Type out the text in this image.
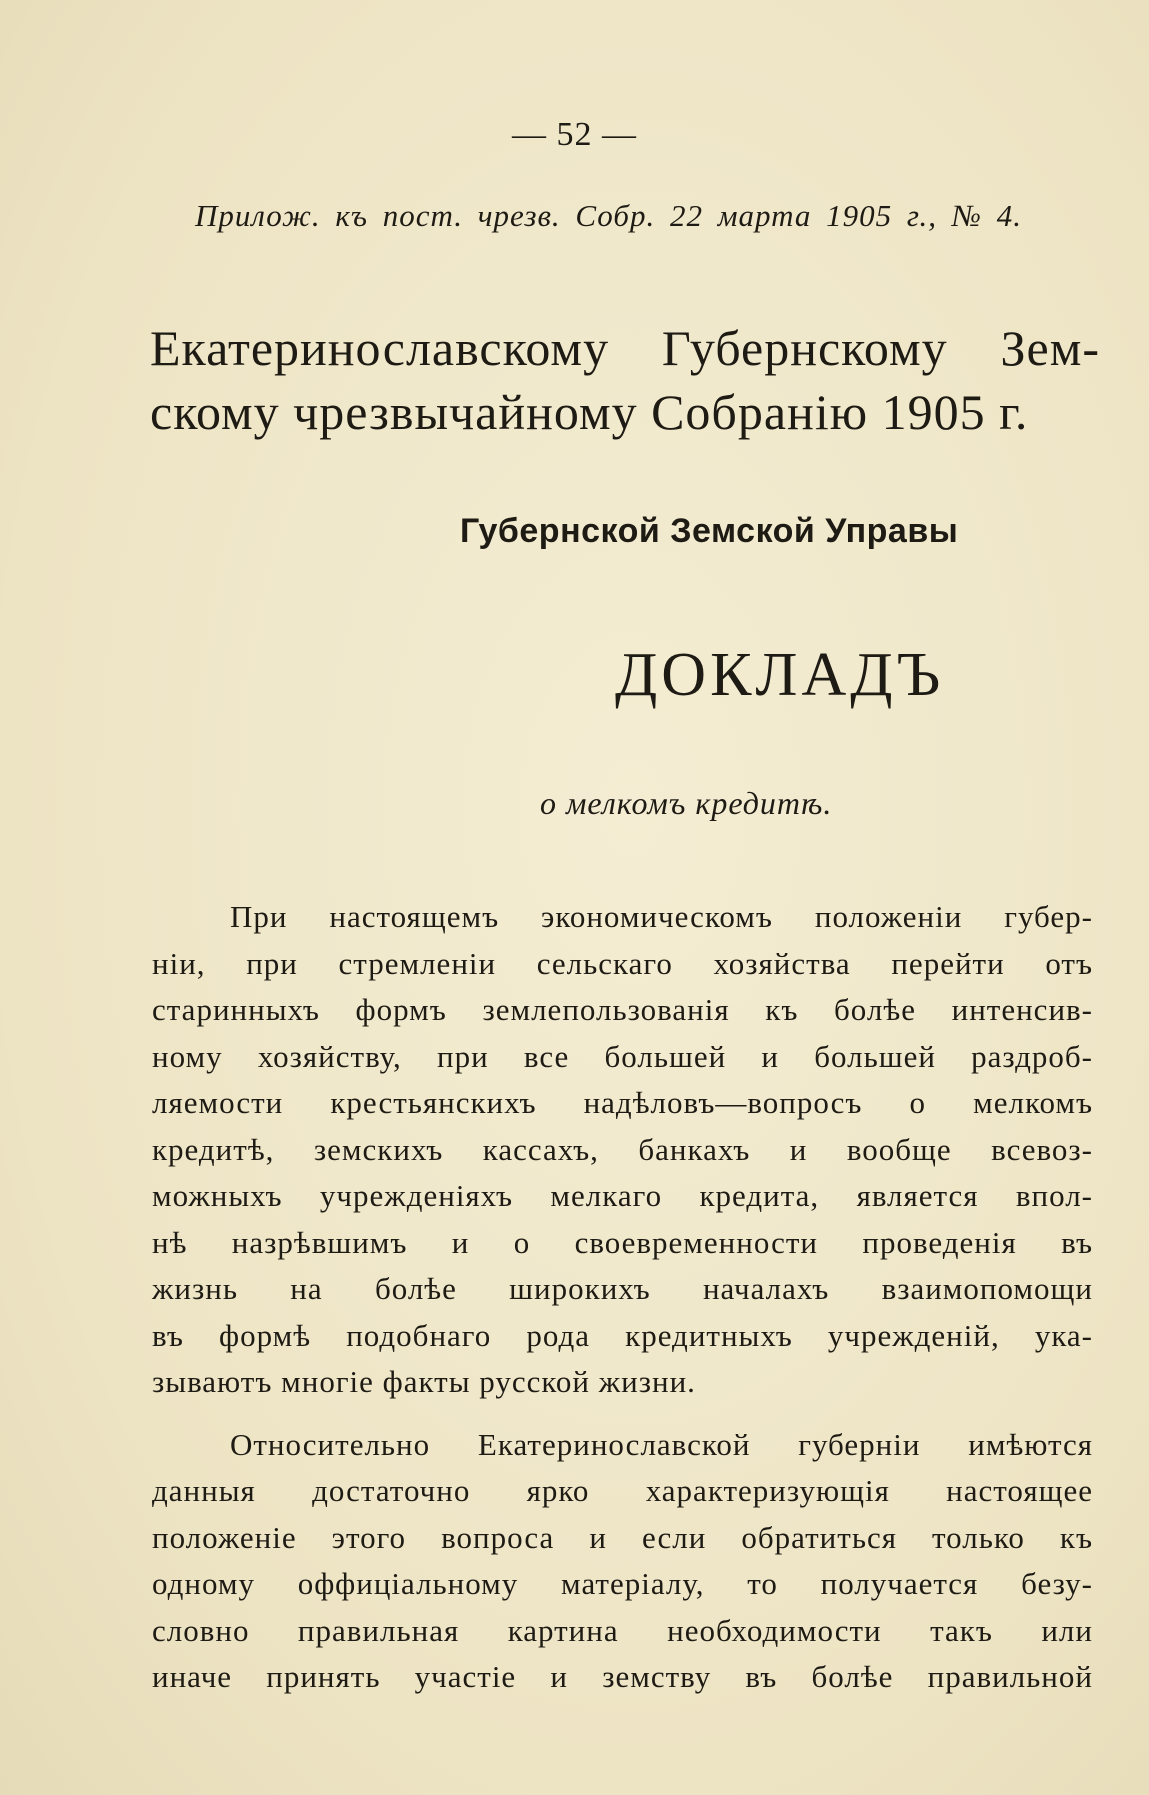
— 52 —
Прилож. къ пост. чрезв. Собр. 22 марта 1905 г., № 4.
Екатеринославскому Губернскому Зем-
скому чрезвычайному Собранію 1905 г.
Губернской Земской Управы
ДОКЛАДЪ
о мелкомъ кредитѣ.
При настоящемъ экономическомъ положеніи губер-
ніи, при стремленіи сельскаго хозяйства перейти отъ
старинныхъ формъ землепользованія къ болѣе интенсив-
ному хозяйству, при все большей и большей раздроб-
ляемости крестьянскихъ надѣловъ—вопросъ о мелкомъ
кредитѣ, земскихъ кассахъ, банкахъ и вообще всевоз-
можныхъ учрежденіяхъ мелкаго кредита, является впол-
нѣ назрѣвшимъ и о своевременности проведенія въ
жизнь на болѣе широкихъ началахъ взаимопомощи
въ формѣ подобнаго рода кредитныхъ учрежденій, ука-
зываютъ многіе факты русской жизни.
Относительно Екатеринославской губерніи имѣются
данныя достаточно ярко характеризующія настоящее
положеніе этого вопроса и если обратиться только къ
одному оффиціальному матеріалу, то получается безу-
словно правильная картина необходимости такъ или
иначе принять участіе и земству въ болѣе правильной
